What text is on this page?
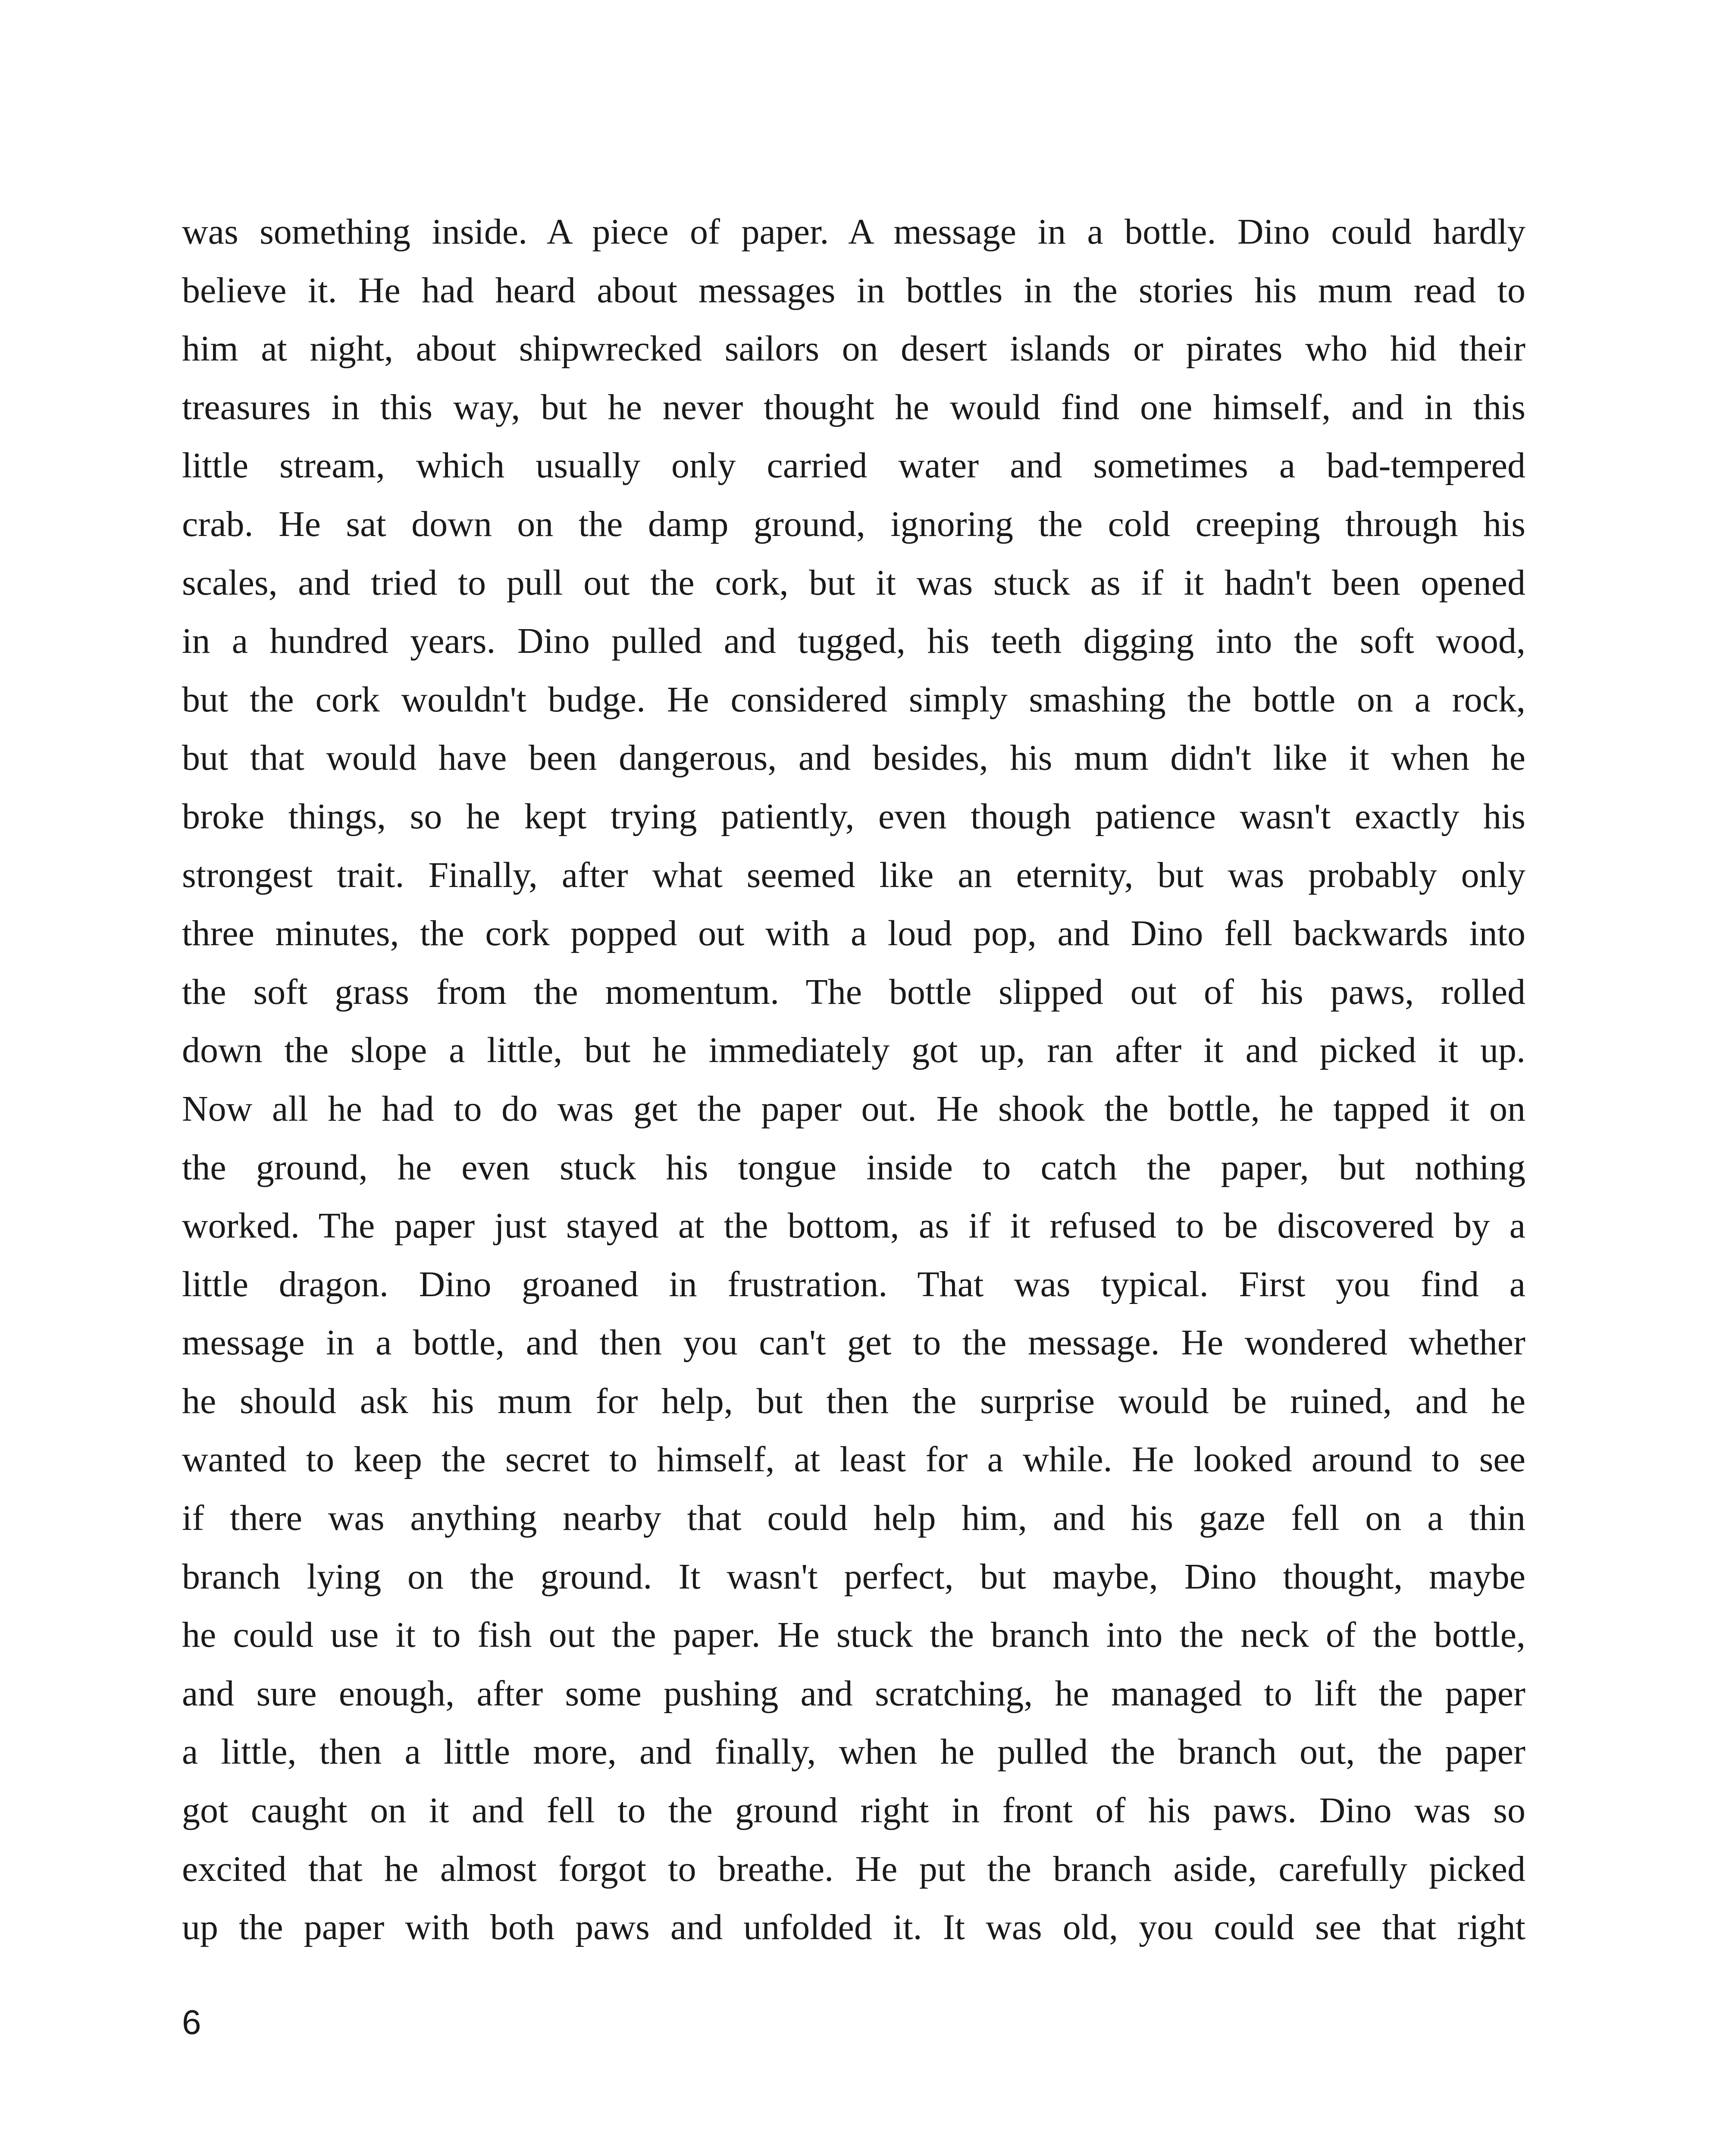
was something inside. A piece of paper. A message in a bottle. Dino could hardly
believe it. He had heard about messages in bottles in the stories his mum read to
him at night, about shipwrecked sailors on desert islands or pirates who hid their
treasures in this way, but he never thought he would find one himself, and in this
little stream, which usually only carried water and sometimes a bad-tempered
crab. He sat down on the damp ground, ignoring the cold creeping through his
scales, and tried to pull out the cork, but it was stuck as if it hadn't been opened
in a hundred years. Dino pulled and tugged, his teeth digging into the soft wood,
but the cork wouldn't budge. He considered simply smashing the bottle on a rock,
but that would have been dangerous, and besides, his mum didn't like it when he
broke things, so he kept trying patiently, even though patience wasn't exactly his
strongest trait. Finally, after what seemed like an eternity, but was probably only
three minutes, the cork popped out with a loud pop, and Dino fell backwards into
the soft grass from the momentum. The bottle slipped out of his paws, rolled
down the slope a little, but he immediately got up, ran after it and picked it up.
Now all he had to do was get the paper out. He shook the bottle, he tapped it on
the ground, he even stuck his tongue inside to catch the paper, but nothing
worked. The paper just stayed at the bottom, as if it refused to be discovered by a
little dragon. Dino groaned in frustration. That was typical. First you find a
message in a bottle, and then you can't get to the message. He wondered whether
he should ask his mum for help, but then the surprise would be ruined, and he
wanted to keep the secret to himself, at least for a while. He looked around to see
if there was anything nearby that could help him, and his gaze fell on a thin
branch lying on the ground. It wasn't perfect, but maybe, Dino thought, maybe
he could use it to fish out the paper. He stuck the branch into the neck of the bottle,
and sure enough, after some pushing and scratching, he managed to lift the paper
a little, then a little more, and finally, when he pulled the branch out, the paper
got caught on it and fell to the ground right in front of his paws. Dino was so
excited that he almost forgot to breathe. He put the branch aside, carefully picked
up the paper with both paws and unfolded it. It was old, you could see that right
6
